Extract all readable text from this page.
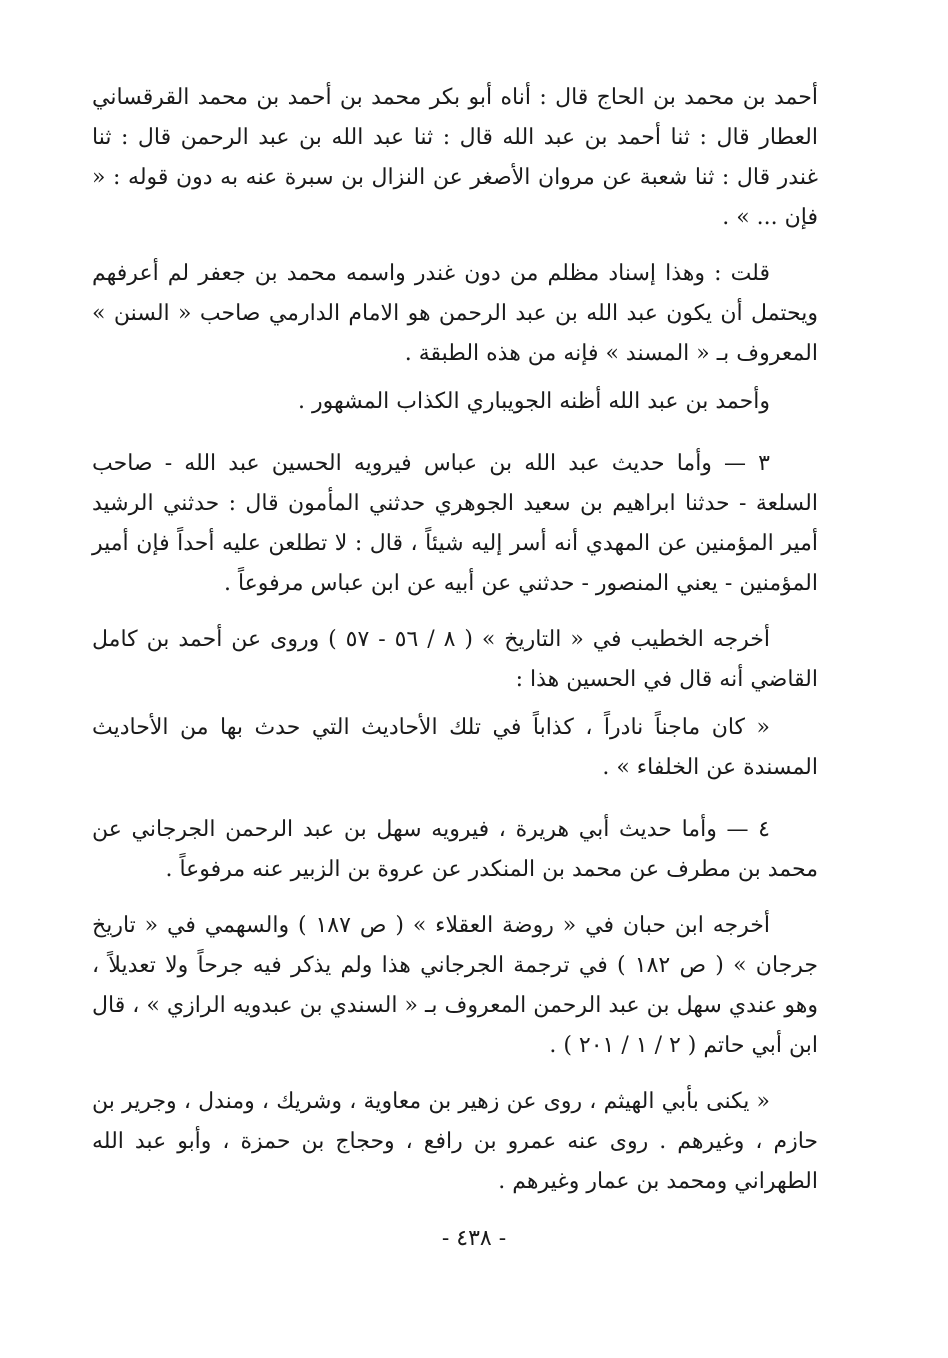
أحمد بن محمد بن الحاج قال : أناه أبو بكر محمد بن أحمد بن محمد القرقساني العطار قال : ثنا أحمد بن عبد الله قال : ثنا عبد الله بن عبد الرحمن قال : ثنا غندر قال : ثنا شعبة عن مروان الأصغر عن النزال بن سبرة عنه به دون قوله : « فإن ... » .

قلت : وهذا إسناد مظلم من دون غندر واسمه محمد بن جعفر لم أعرفهم ويحتمل أن يكون عبد الله بن عبد الرحمن هو الامام الدارمي صاحب « السنن » المعروف بـ « المسند » فإنه من هذه الطبقة .

وأحمد بن عبد الله أظنه الجويباري الكذاب المشهور .

٣ — وأما حديث عبد الله بن عباس فيرويه الحسين عبد الله - صاحب السلعة - حدثنا ابراهيم بن سعيد الجوهري حدثني المأمون قال : حدثني الرشيد أمير المؤمنين عن المهدي أنه أسر إليه شيئاً ، قال : لا تطلعن عليه أحداً فإن أمير المؤمنين - يعني المنصور - حدثني عن أبيه عن ابن عباس مرفوعاً .

أخرجه الخطيب في « التاريخ » ( ٨ / ٥٦ - ٥٧ ) وروى عن أحمد بن كامل القاضي أنه قال في الحسين هذا :

« كان ماجناً نادراً ، كذاباً في تلك الأحاديث التي حدث بها من الأحاديث المسندة عن الخلفاء » .

٤ — وأما حديث أبي هريرة ، فيرويه سهل بن عبد الرحمن الجرجاني عن محمد بن مطرف عن محمد بن المنكدر عن عروة بن الزبير عنه مرفوعاً .

أخرجه ابن حبان في « روضة العقلاء » ( ص ١٨٧ ) والسهمي في « تاريخ جرجان » ( ص ١٨٢ ) في ترجمة الجرجاني هذا ولم يذكر فيه جرحاً ولا تعديلاً ، وهو عندي سهل بن عبد الرحمن المعروف بـ « السندي بن عبدويه الرازي » ، قال ابن أبي حاتم ( ٢ / ١ / ٢٠١ ) .

« يكنى بأبي الهيثم ، روى عن زهير بن معاوية ، وشريك ، ومندل ، وجرير بن حازم ، وغيرهم . روى عنه عمرو بن رافع ، وحجاج بن حمزة ، وأبو عبد الله الطهراني ومحمد بن عمار وغيرهم .

- ٤٣٨ -
